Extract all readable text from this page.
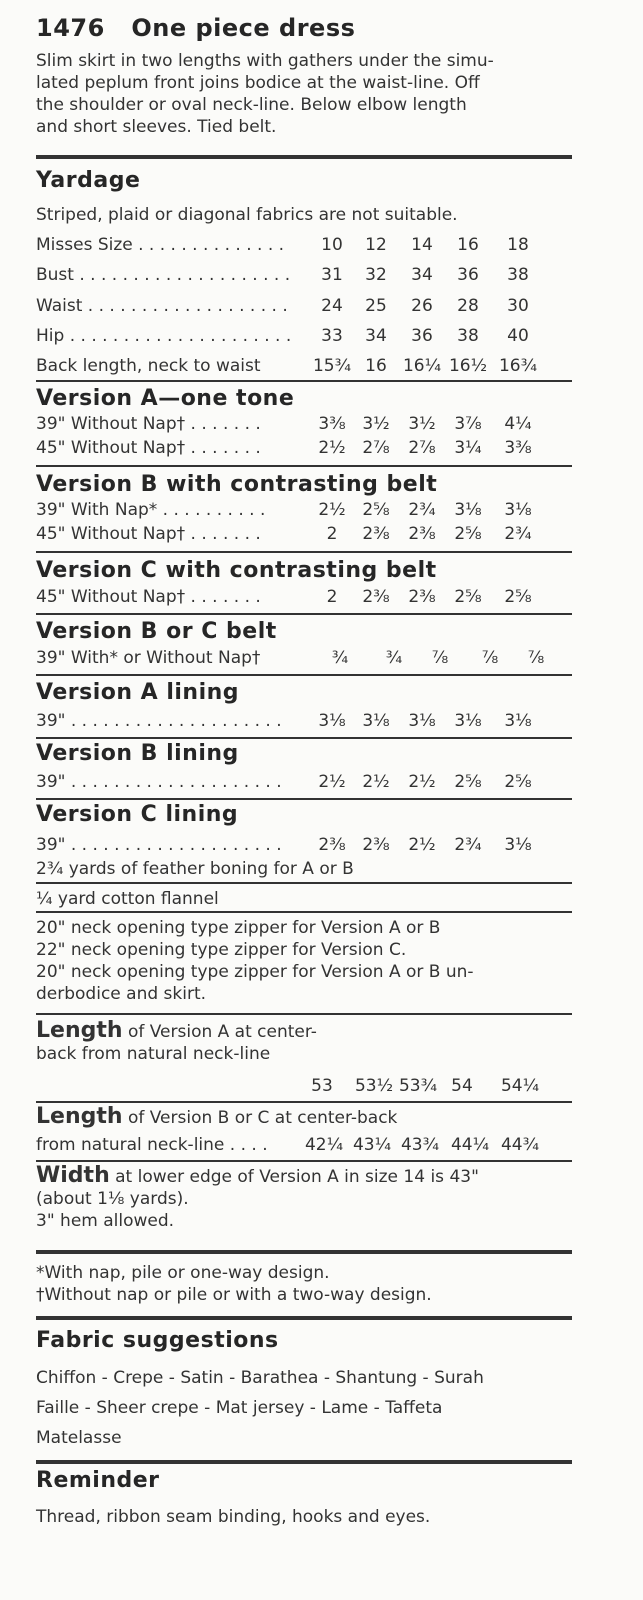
1476 One piece dress
Slim skirt in two lengths with gathers under the simu-
lated peplum front joins bodice at the waist-line. Off
the shoulder or oval neck-line. Below elbow length
and short sleeves. Tied belt.
Yardage
Striped, plaid or diagonal fabrics are not suitable.
Misses Size . . . . . . . . . . . . . .	10	12	14	16	18
Bust . . . . . . . . . . . . . . . . . . . .	31	32	34	36	38
Waist . . . . . . . . . . . . . . . . . . .	24	25	26	28	30
Hip . . . . . . . . . . . . . . . . . . . . .	33	34	36	38	40
Back length, neck to waist	15¾ 16 16¼ 16½ 16¾
Version A—one tone
39" Without Nap† . . . . . . .	3⅜ 3½	3½	3⅞	4¼
45" Without Nap† . . . . . . .	2½ 2⅞	2⅞	3¼	3⅜
Version B with contrasting belt
39" With Nap* . . . . . . . . . .	2½ 2⅝	2¾	3⅛	3⅛
45" Without Nap† . . . . . . .	2	2⅜	2⅜	2⅝	2¾
Version C with contrasting belt
45" Without Nap† . . . . . . .	2	2⅜	2⅜	2⅝	2⅝
Version B or C belt
39" With* or Without Nap†	¾	¾	⅞	⅞	⅞
Version A lining
39" . . . . . . . . . . . . . . . . . . . .	3⅛ 3⅛	3⅛	3⅛	3⅛
Version B lining
39" . . . . . . . . . . . . . . . . . . . .	2½ 2½	2½	2⅝	2⅝
Version C lining
39" . . . . . . . . . . . . . . . . . . . .	2⅜ 2⅜	2½	2¾	3⅛
2¾ yards of feather boning for A or B
¼ yard cotton flannel
20" neck opening type zipper for Version A or B
22" neck opening type zipper for Version C.
20" neck opening type zipper for Version A or B un-
derbodice and skirt.
Length of Version A at center-
back from natural neck-line
53	53½ 53¾ 54	54¼
Length of Version B or C at center-back
from natural neck-line . . . . 42¼ 43¼ 43¾ 44¼ 44¾
Width at lower edge of Version A in size 14 is 43"
(about 1⅛ yards).
3" hem allowed.
*With nap, pile or one-way design.
†Without nap or pile or with a two-way design.
Fabric suggestions
Chiffon - Crepe - Satin - Barathea - Shantung - Surah
Faille - Sheer crepe - Mat jersey - Lame - Taffeta
Matelasse
Reminder
Thread, ribbon seam binding, hooks and eyes.
